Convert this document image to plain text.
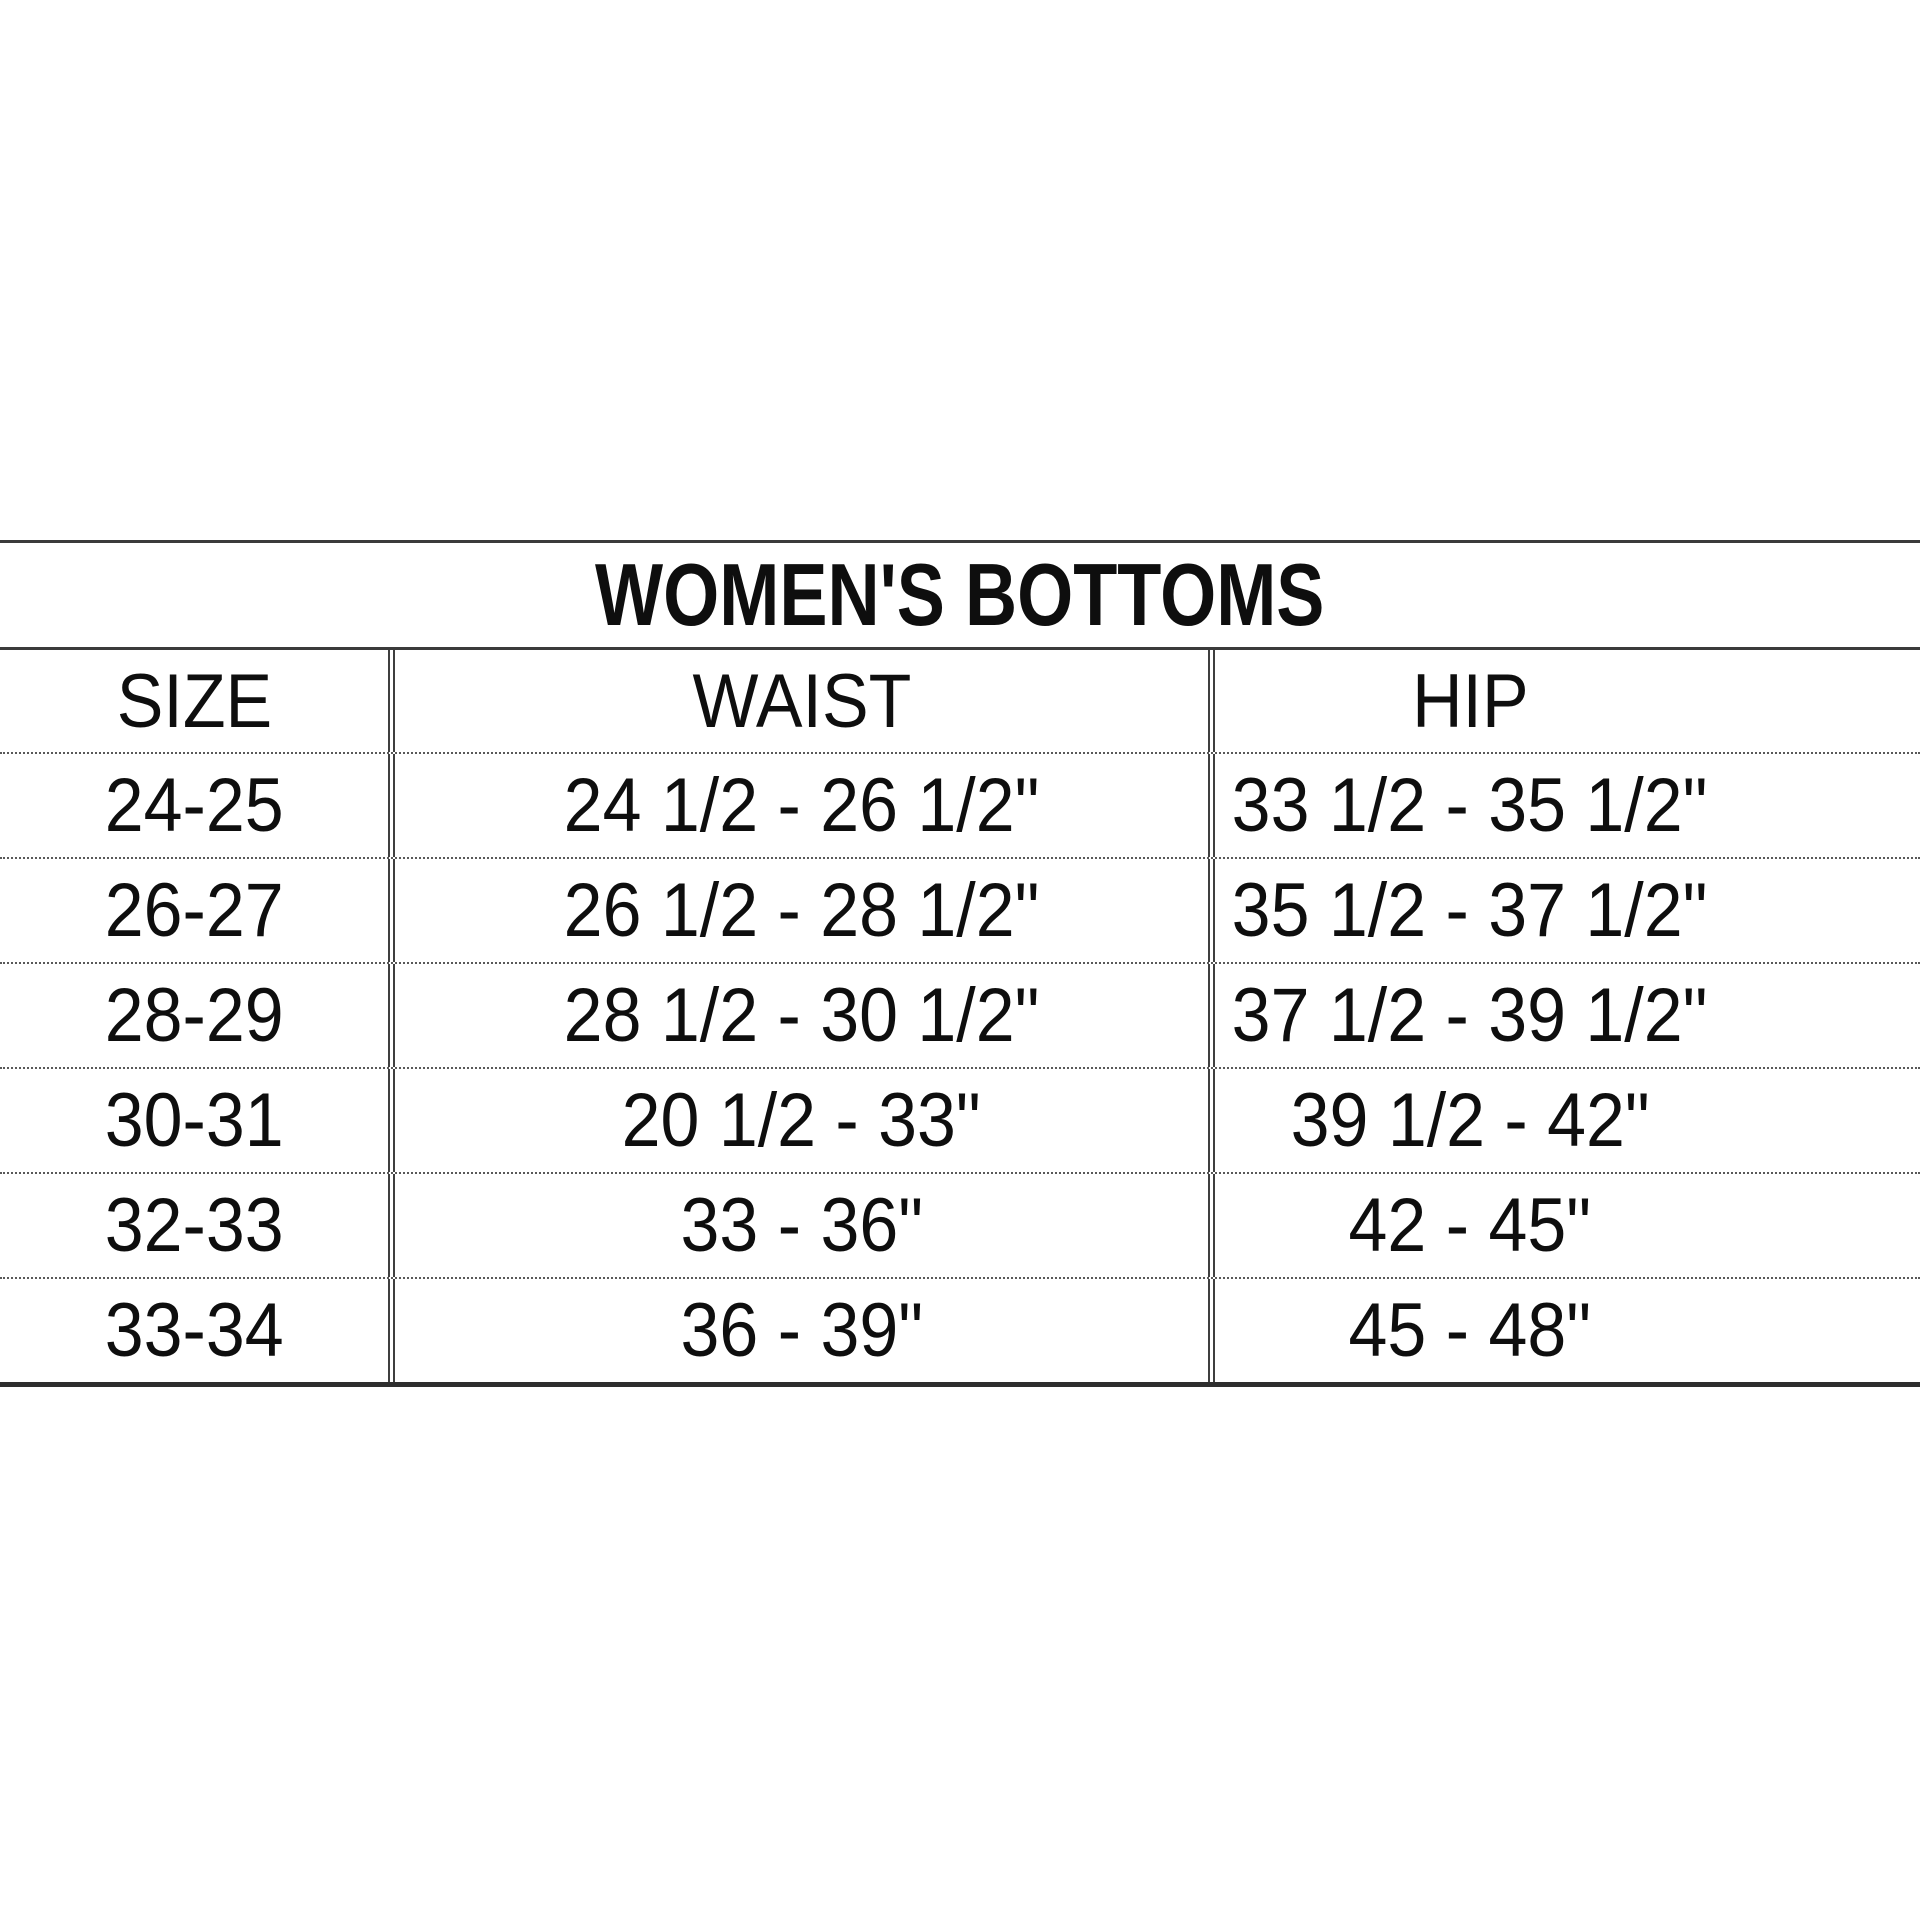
WOMEN'S BOTTOMS
SIZE	WAIST	HIP
24-25	24 1/2 - 26 1/2"	33 1/2 - 35 1/2"
26-27	26 1/2 - 28 1/2"	35 1/2 - 37 1/2"
28-29	28 1/2 - 30 1/2"	37 1/2 - 39 1/2"
30-31	20 1/2 - 33"	39 1/2 - 42"
32-33	33 - 36"	42 - 45"
33-34	36 - 39"	45 - 48"
